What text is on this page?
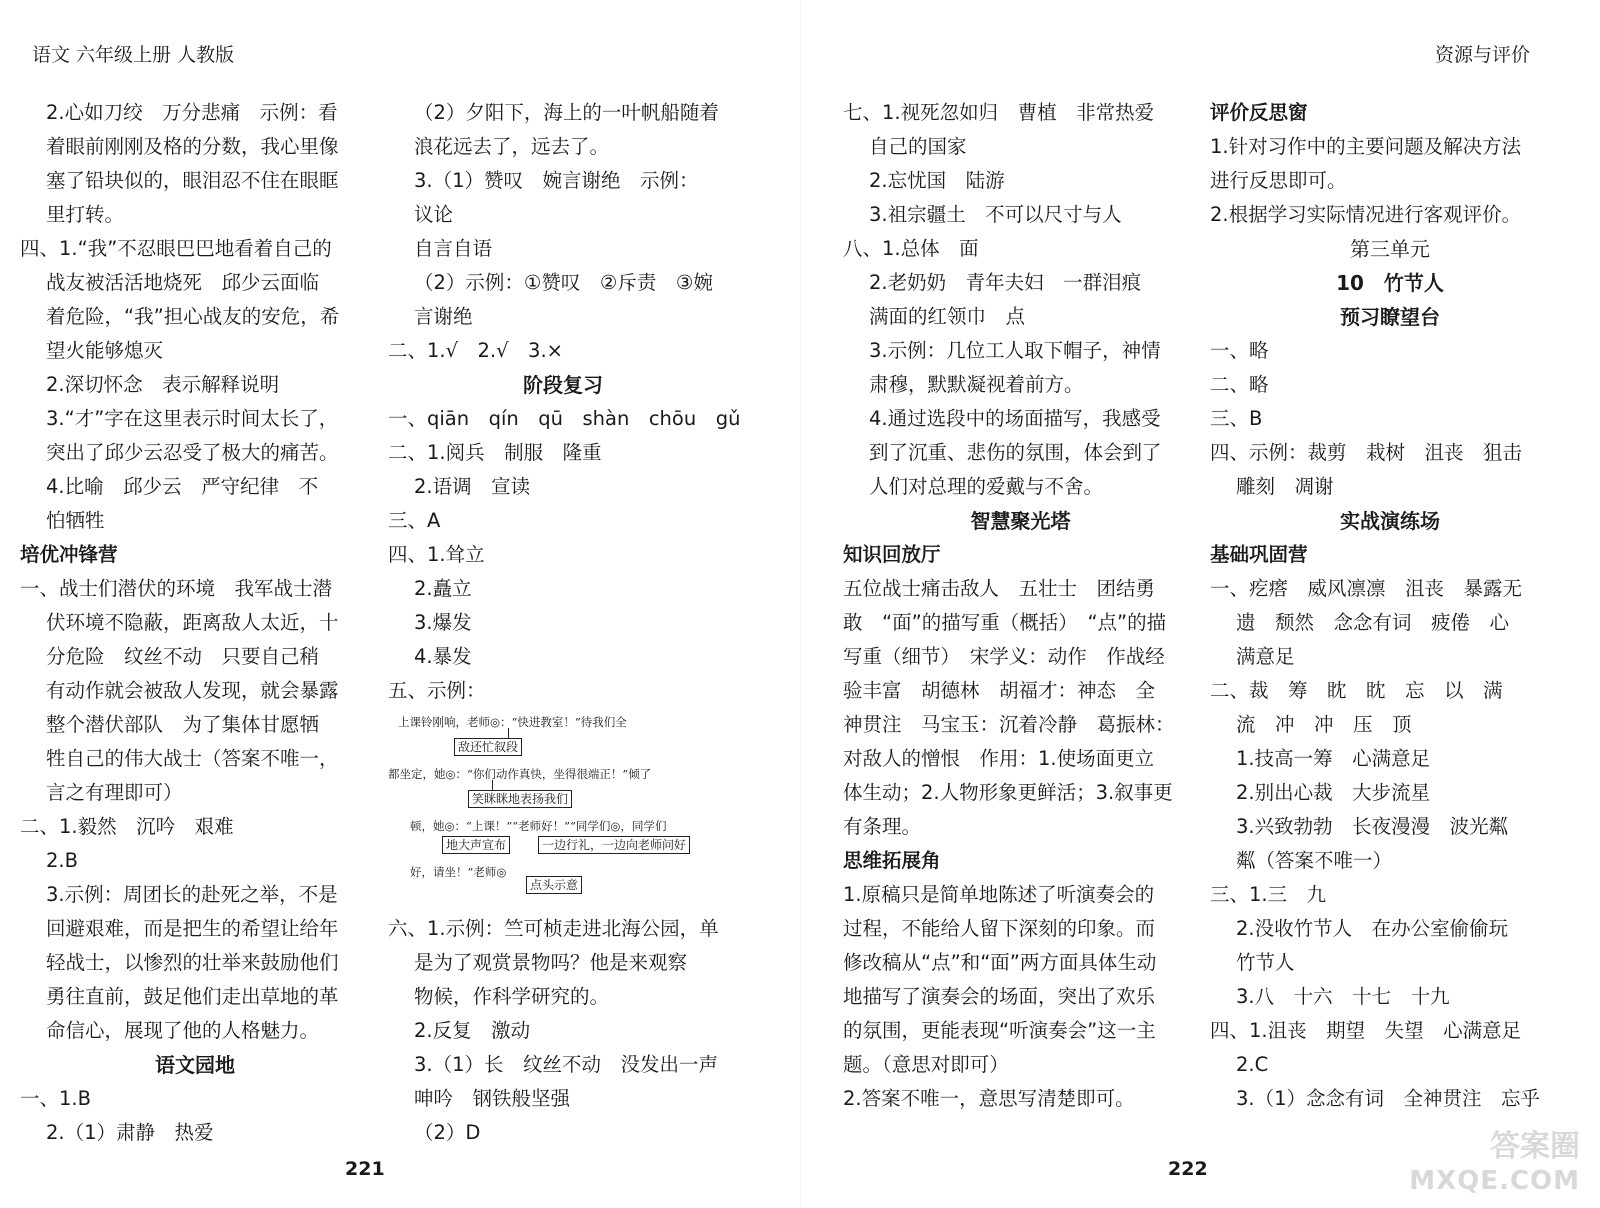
语文 六年级上册 人教版	资源与评价
2.心如刀绞　万分悲痛　示例：看
着眼前刚刚及格的分数，我心里像
塞了铅块似的，眼泪忍不住在眼眶
里打转。
四、1.“我”不忍眼巴巴地看着自己的
战友被活活地烧死　邱少云面临
着危险，“我”担心战友的安危，希
望火能够熄灭
2.深切怀念　表示解释说明
3.“才”字在这里表示时间太长了，
突出了邱少云忍受了极大的痛苦。
4.比喻　邱少云　严守纪律　不
怕牺牲
培优冲锋营
一、战士们潜伏的环境　我军战士潜
伏环境不隐蔽，距离敌人太近，十
分危险　纹丝不动　只要自己稍
有动作就会被敌人发现，就会暴露
整个潜伏部队　为了集体甘愿牺
牲自己的伟大战士（答案不唯一，
言之有理即可）
二、1.毅然　沉吟　艰难
2.B
3.示例：周团长的赴死之举，不是
回避艰难，而是把生的希望让给年
轻战士，以惨烈的壮举来鼓励他们
勇往直前，鼓足他们走出草地的革
命信心，展现了他的人格魅力。
语文园地
一、1.B
2.（1）肃静　热爱
（2）夕阳下，海上的一叶帆船随着
浪花远去了，远去了。
3.（1）赞叹　婉言谢绝　示例：
议论
自言自语
（2）示例：①赞叹　②斥责　③婉
言谢绝
二、1.√　2.√　3.×
阶段复习
一、qiān　qín　qū　shàn　chōu　gǔ
二、1.阅兵　制服　隆重
2.语调　宣读
三、A
四、1.耸立
2.矗立
3.爆发
4.暴发
五、示例：
上课铃刚响，老师◎：“快进教室！”待我们全
敌还忙叙段
都坐定，她◎：“你们动作真快，坐得很端正！”倾了
笑眯眯地表扬我们
顿，她◎：“上课！”“老师好！”“同学们◎，同学们
地大声宣布	一边行礼，一边向老师问好
好，请坐！”老师◎
点头示意
六、1.示例：竺可桢走进北海公园，单
是为了观赏景物吗？他是来观察
物候，作科学研究的。
2.反复　激动
3.（1）长　纹丝不动　没发出一声
呻吟　钢铁般坚强
（2）D
七、1.视死忽如归　曹植　非常热爱
自己的国家
2.忘忧国　陆游
3.祖宗疆土　不可以尺寸与人
八、1.总体　面
2.老奶奶　青年夫妇　一群泪痕
满面的红领巾　点
3.示例：几位工人取下帽子，神情
肃穆，默默凝视着前方。
4.通过选段中的场面描写，我感受
到了沉重、悲伤的氛围，体会到了
人们对总理的爱戴与不舍。
智慧聚光塔
知识回放厅
五位战士痛击敌人　五壮士　团结勇
敢　“面”的描写重（概括）　“点”的描
写重（细节）　宋学义：动作　作战经
验丰富　胡德林　胡福才：神态　全
神贯注　马宝玉：沉着冷静　葛振林：
对敌人的憎恨　作用：1.使场面更立
体生动；2.人物形象更鲜活；3.叙事更
有条理。
思维拓展角
1.原稿只是简单地陈述了听演奏会的
过程，不能给人留下深刻的印象。而
修改稿从“点”和“面”两方面具体生动
地描写了演奏会的场面，突出了欢乐
的氛围，更能表现“听演奏会”这一主
题。（意思对即可）
2.答案不唯一，意思写清楚即可。
评价反思窗
1.针对习作中的主要问题及解决方法
进行反思即可。
2.根据学习实际情况进行客观评价。
第三单元
10　竹节人
预习瞭望台
一、略
二、略
三、B
四、示例：裁剪　栽树　沮丧　狙击
雕刻　凋谢
实战演练场
基础巩固营
一、疙瘩　威风凛凛　沮丧　暴露无
遗　颓然　念念有词　疲倦　心
满意足
二、裁　筹　眈　眈　忘　以　满
流　冲　冲　压　顶
1.技高一筹　心满意足
2.别出心裁　大步流星
3.兴致勃勃　长夜漫漫　波光粼
粼（答案不唯一）
三、1.三　九
2.没收竹节人　在办公室偷偷玩
竹节人
3.八　十六　十七　十九
四、1.沮丧　期望　失望　心满意足
2.C
3.（1）念念有词　全神贯注　忘乎
221	222
答案圈
MXQE.COM
